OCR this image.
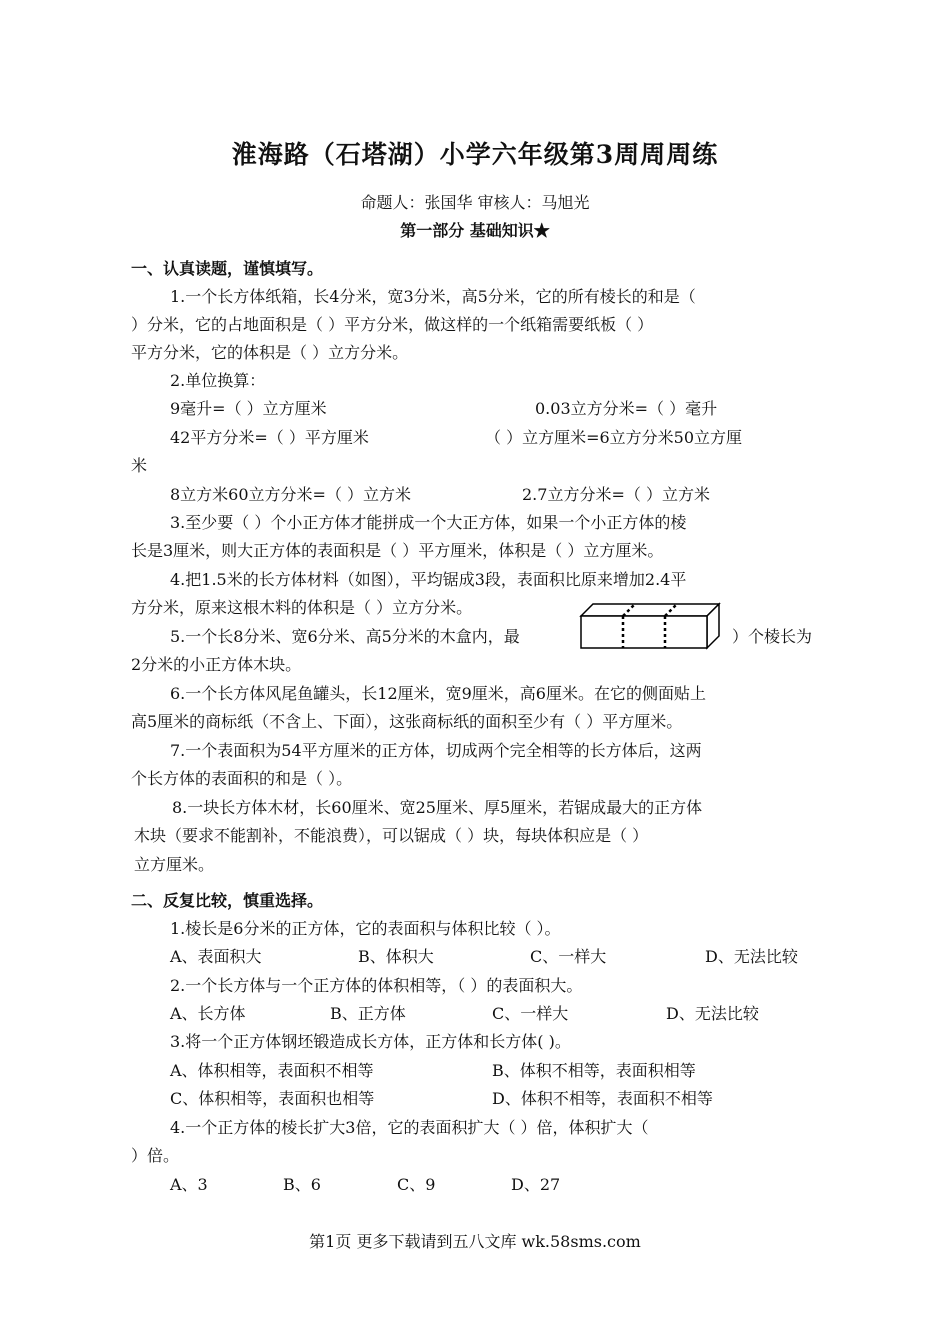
淮海路（石塔湖）小学六年级第3周周周练
命题人：张国华 审核人：马旭光
第一部分 基础知识★
一、认真读题，谨慎填写。
1.一个长方体纸箱，长4分米，宽3分米，高5分米，它的所有棱长的和是（
）分米，它的占地面积是（ ）平方分米，做这样的一个纸箱需要纸板（ ）
平方分米，它的体积是（ ）立方分米。
2.单位换算：
9毫升=（ ）立方厘米	0.03立方分米=（ ）毫升
42平方分米=（ ）平方厘米	（ ）立方厘米=6立方分米50立方厘
米
8立方米60立方分米=（ ）立方米	2.7立方分米=（ ）立方米
3.至少要（ ）个小正方体才能拼成一个大正方体，如果一个小正方体的棱
长是3厘米，则大正方体的表面积是（ ）平方厘米，体积是（ ）立方厘米。
4.把1.5米的长方体材料（如图），平均锯成3段，表面积比原来增加2.4平
方分米，原来这根木料的体积是（ ）立方分米。
5.一个长8分米、宽6分米、高5分米的木盒内，最	）个棱长为
2分米的小正方体木块。
6.一个长方体风尾鱼罐头，长12厘米，宽9厘米，高6厘米。在它的侧面贴上
高5厘米的商标纸（不含上、下面），这张商标纸的面积至少有（ ）平方厘米。
7.一个表面积为54平方厘米的正方体，切成两个完全相等的长方体后，这两
个长方体的表面积的和是（ ）。
8.一块长方体木材，长60厘米、宽25厘米、厚5厘米，若锯成最大的正方体
木块（要求不能割补，不能浪费），可以锯成（ ）块，每块体积应是（ ）
立方厘米。
二、反复比较，慎重选择。
1.棱长是6分米的正方体，它的表面积与体积比较（ ）。
A、表面积大	B、体积大	C、一样大	D、无法比较
2.一个长方体与一个正方体的体积相等，（ ）的表面积大。
A、长方体	B、正方体	C、一样大	D、无法比较
3.将一个正方体钢坯锻造成长方体，正方体和长方体( )。
A、体积相等，表面积不相等	B、体积不相等，表面积相等
C、体积相等，表面积也相等	D、体积不相等，表面积不相等
4.一个正方体的棱长扩大3倍，它的表面积扩大（ ）倍，体积扩大（
）倍。
A、3	B、6	C、9	D、27
第1页 更多下载请到五八文库 wk.58sms.com
